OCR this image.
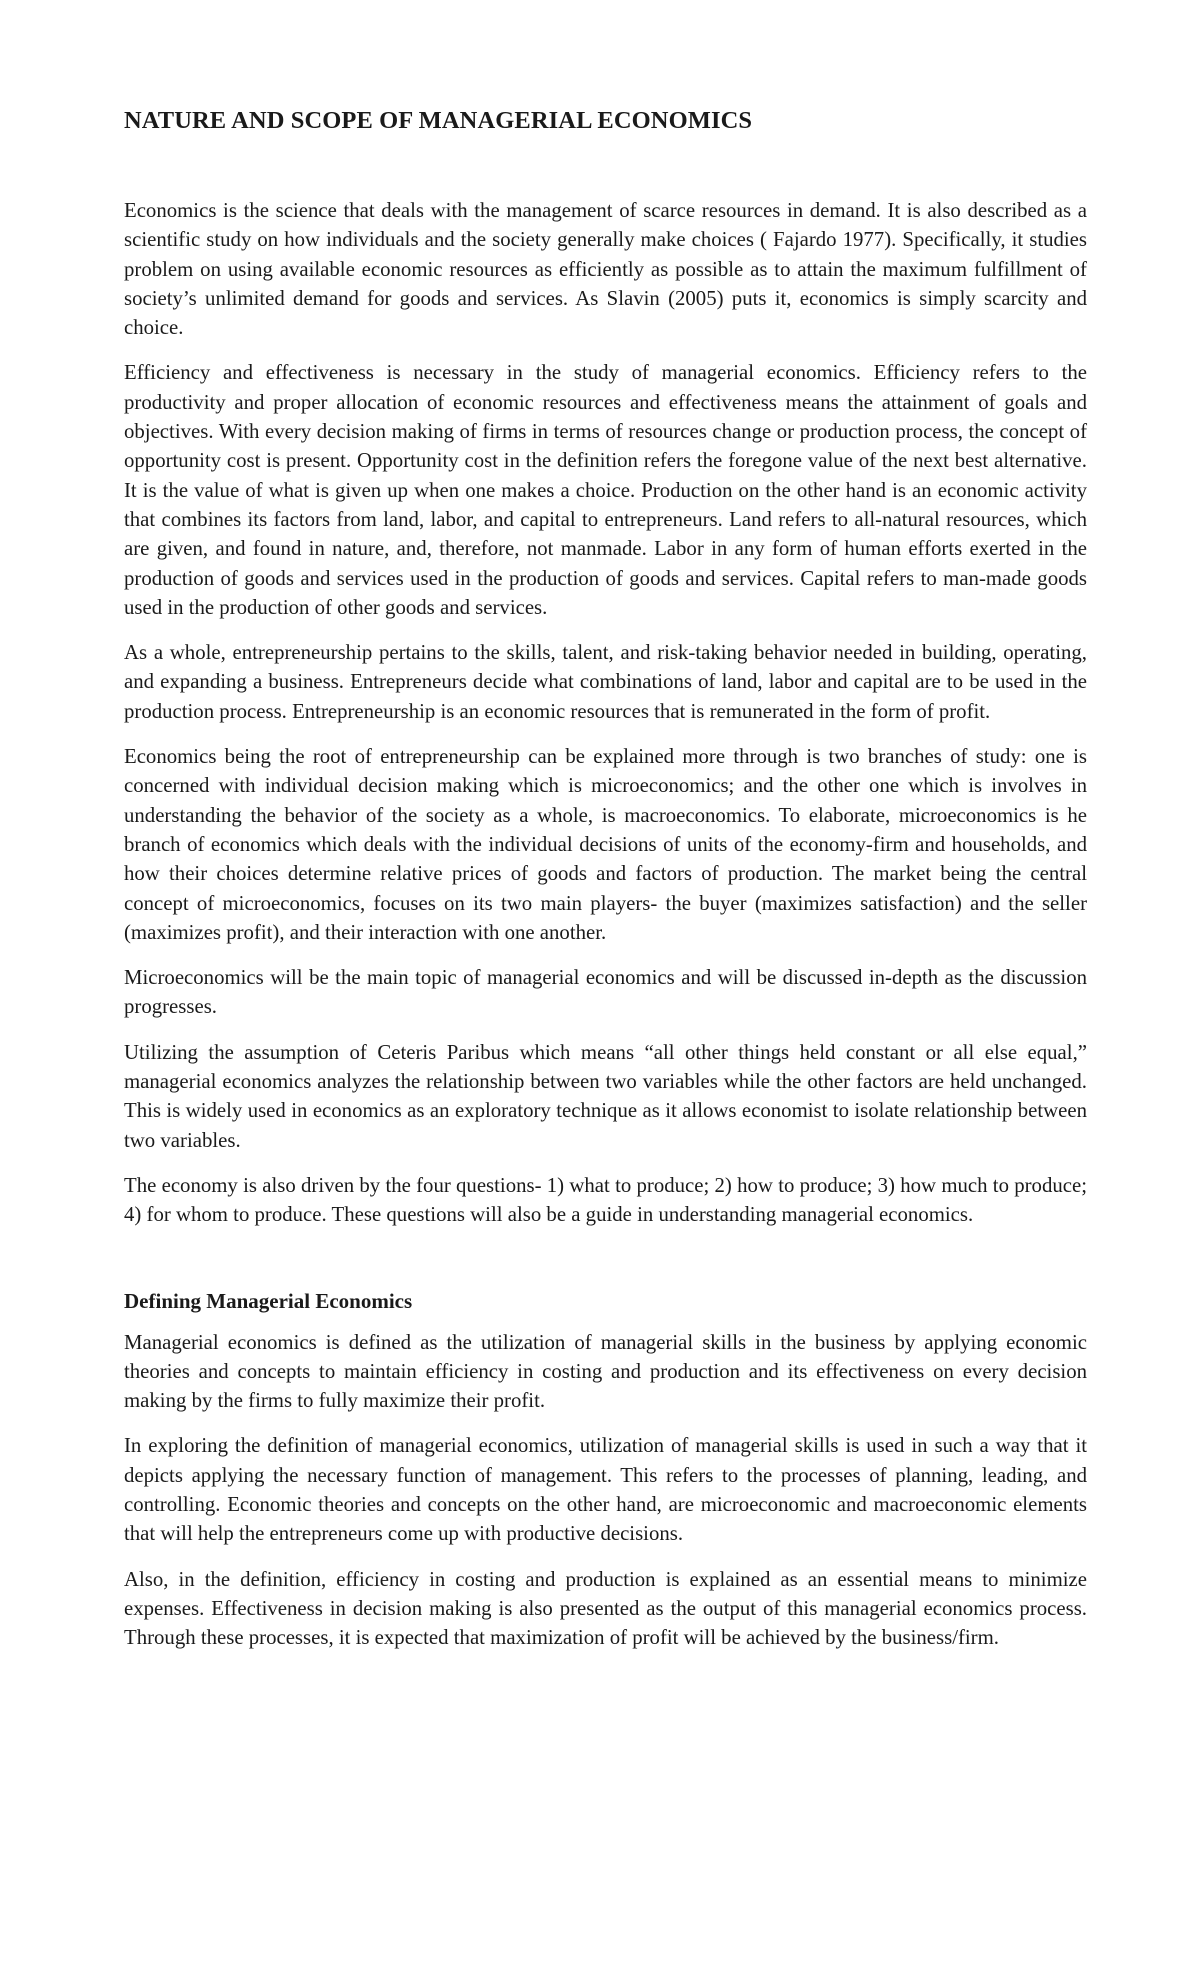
NATURE AND SCOPE OF MANAGERIAL ECONOMICS

Economics is the science that deals with the management of scarce resources in demand. It is also described as a scientific study on how individuals and the society generally make choices ( Fajardo 1977). Specifically, it studies problem on using available economic resources as efficiently as possible as to attain the maximum fulfillment of society’s unlimited demand for goods and services. As Slavin (2005) puts it, economics is simply scarcity and choice.

Efficiency and effectiveness is necessary in the study of managerial economics. Efficiency refers to the productivity and proper allocation of economic resources and effectiveness means the attainment of goals and objectives. With every decision making of firms in terms of resources change or production process, the concept of opportunity cost is present. Opportunity cost in the definition refers the foregone value of the next best alternative. It is the value of what is given up when one makes a choice. Production on the other hand is an economic activity that combines its factors from land, labor, and capital to entrepreneurs. Land refers to all-natural resources, which are given, and found in nature, and, therefore, not manmade. Labor in any form of human efforts exerted in the production of goods and services used in the production of goods and services. Capital refers to man-made goods used in the production of other goods and services.

As a whole, entrepreneurship pertains to the skills, talent, and risk-taking behavior needed in building, operating, and expanding a business. Entrepreneurs decide what combinations of land, labor and capital are to be used in the production process. Entrepreneurship is an economic resources that is remunerated in the form of profit.

Economics being the root of entrepreneurship can be explained more through is two branches of study: one is concerned with individual decision making which is microeconomics; and the other one which is involves in understanding the behavior of the society as a whole, is macroeconomics. To elaborate, microeconomics is he branch of economics which deals with the individual decisions of units of the economy-firm and households, and how their choices determine relative prices of goods and factors of production. The market being the central concept of microeconomics, focuses on its two main players- the buyer (maximizes satisfaction) and the seller (maximizes profit), and their interaction with one another.

Microeconomics will be the main topic of managerial economics and will be discussed in-depth as the discussion progresses.

Utilizing the assumption of Ceteris Paribus which means “all other things held constant or all else equal,” managerial economics analyzes the relationship between two variables while the other factors are held unchanged. This is widely used in economics as an exploratory technique as it allows economist to isolate relationship between two variables.

The economy is also driven by the four questions- 1) what to produce; 2) how to produce; 3) how much to produce; 4) for whom to produce. These questions will also be a guide in understanding managerial economics.

Defining Managerial Economics

Managerial economics is defined as the utilization of managerial skills in the business by applying economic theories and concepts to maintain efficiency in costing and production and its effectiveness on every decision making by the firms to fully maximize their profit.

In exploring the definition of managerial economics, utilization of managerial skills is used in such a way that it depicts applying the necessary function of management. This refers to the processes of planning, leading, and controlling. Economic theories and concepts on the other hand, are microeconomic and macroeconomic elements that will help the entrepreneurs come up with productive decisions.

Also, in the definition, efficiency in costing and production is explained as an essential means to minimize expenses. Effectiveness in decision making is also presented as the output of this managerial economics process. Through these processes, it is expected that maximization of profit will be achieved by the business/firm.
